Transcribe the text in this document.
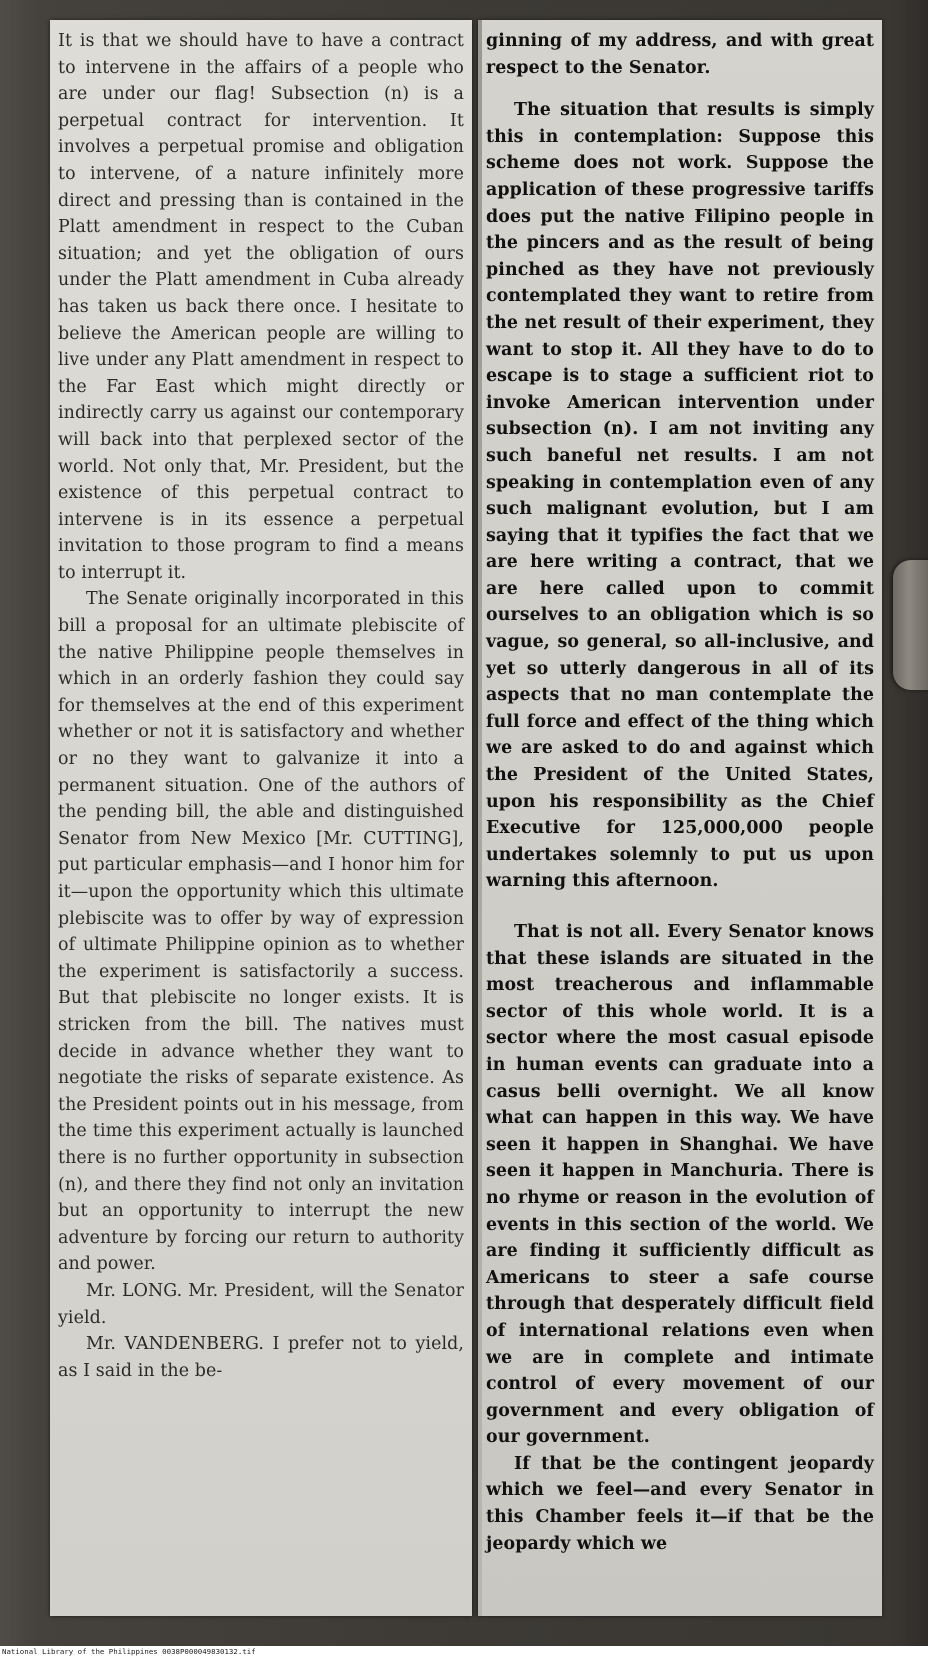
It is that we should have to have a contract to intervene in the affairs of a people who are under our flag! Subsection (n) is a perpetual contract for intervention. It involves a perpetual promise and obligation to intervene, of a nature infinitely more direct and pressing than is contained in the Platt amendment in respect to the Cuban situation; and yet the obligation of ours under the Platt amendment in Cuba already has taken us back there once. I hesitate to believe the American people are willing to live under any Platt amendment in respect to the Far East which might directly or indirectly carry us against our contemporary will back into that perplexed sector of the world. Not only that, Mr. President, but the existence of this perpetual contract to intervene is in its essence a perpetual invitation to those program to find a means to interrupt it.

The Senate originally incorporated in this bill a proposal for an ultimate plebiscite of the native Philippine people themselves in which in an orderly fashion they could say for themselves at the end of this experiment whether or not it is satisfactory and whether or no they want to galvanize it into a permanent situation. One of the authors of the pending bill, the able and distinguished Senator from New Mexico [Mr. CUTTING], put particular emphasis—and I honor him for it—upon the opportunity which this ultimate plebiscite was to offer by way of expression of ultimate Philippine opinion as to whether the experiment is satisfactorily a success. But that plebiscite no longer exists. It is stricken from the bill. The natives must decide in advance whether they want to negotiate the risks of separate existence. As the President points out in his message, from the time this experiment actually is launched there is no further opportunity in subsection (n), and there they find not only an invitation but an opportunity to interrupt the new adventure by forcing our return to authority and power.

Mr. LONG. Mr. President, will the Senator yield.

Mr. VANDENBERG. I prefer not to yield, as I said in the be-

ginning of my address, and with great respect to the Senator.

The situation that results is simply this in contemplation: Suppose this scheme does not work. Suppose the application of these progressive tariffs does put the native Filipino people in the pincers and as the result of being pinched as they have not previously contemplated they want to retire from the net result of their experiment, they want to stop it. All they have to do to escape is to stage a sufficient riot to invoke American intervention under subsection (n). I am not inviting any such baneful net results. I am not speaking in contemplation even of any such malignant evolution, but I am saying that it typifies the fact that we are here writing a contract, that we are here called upon to commit ourselves to an obligation which is so vague, so general, so all-inclusive, and yet so utterly dangerous in all of its aspects that no man contemplate the full force and effect of the thing which we are asked to do and against which the President of the United States, upon his responsibility as the Chief Executive for 125,000,000 people undertakes solemnly to put us upon warning this afternoon.

That is not all. Every Senator knows that these islands are situated in the most treacherous and inflammable sector of this whole world. It is a sector where the most casual episode in human events can graduate into a casus belli overnight. We all know what can happen in this way. We have seen it happen in Shanghai. We have seen it happen in Manchuria. There is no rhyme or reason in the evolution of events in this section of the world. We are finding it sufficiently difficult as Americans to steer a safe course through that desperately difficult field of international relations even when we are in complete and intimate control of every movement of our government and every obligation of our government.

If that be the contingent jeopardy which we feel—and every Senator in this Chamber feels it—if that be the jeopardy which we

National Library of the Philippines 0038P000049830132.tif
